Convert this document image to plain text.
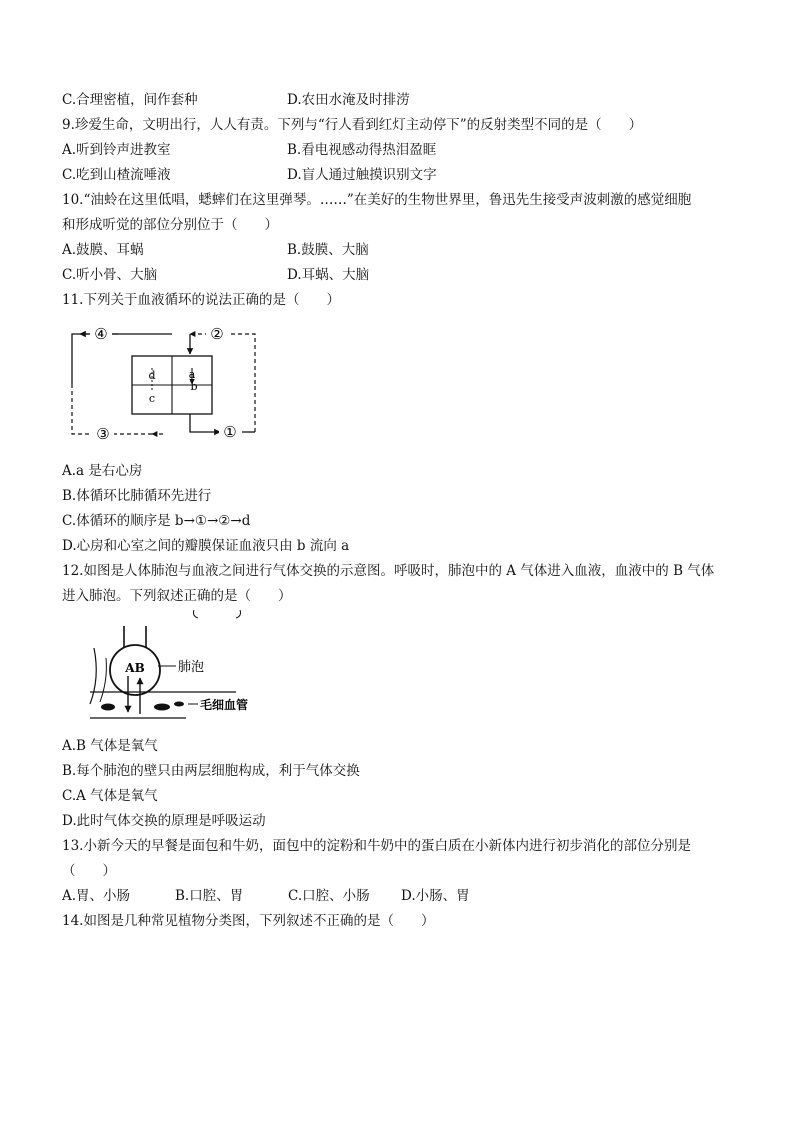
C.合理密植，间作套种	D.农田水淹及时排涝
9.珍爱生命，文明出行，人人有责。下列与“行人看到红灯主动停下”的反射类型不同的是（　　）
A.听到铃声进教室	B.看电视感动得热泪盈眶
C.吃到山楂流唾液	D.盲人通过触摸识别文字
10.“油蛉在这里低唱，蟋蟀们在这里弹琴。……”在美好的生物世界里，鲁迅先生接受声波刺激的感觉细胞
和形成听觉的部位分别位于（　　）
A.鼓膜、耳蜗	B.鼓膜、大脑
C.听小骨、大脑	D.耳蜗、大脑
11.下列关于血液循环的说法正确的是（　　）
④	②
③	①
a
b
d
c
A.a 是右心房
B.体循环比肺循环先进行
C.体循环的顺序是 b→①→②→d
D.心房和心室之间的瓣膜保证血液只由 b 流向 a
12.如图是人体肺泡与血液之间进行气体交换的示意图。呼吸时，肺泡中的 A 气体进入血液，血液中的 B 气体
进入肺泡。下列叙述正确的是（　　）
AB	肺泡
毛细血管
A.B 气体是氧气
B.每个肺泡的壁只由两层细胞构成，利于气体交换
C.A 气体是氧气
D.此时气体交换的原理是呼吸运动
13.小新今天的早餐是面包和牛奶，面包中的淀粉和牛奶中的蛋白质在小新体内进行初步消化的部位分别是
（　　）
A.胃、小肠	B.口腔、胃	C.口腔、小肠 D.小肠、胃
14.如图是几种常见植物分类图，下列叙述不正确的是（　　）
